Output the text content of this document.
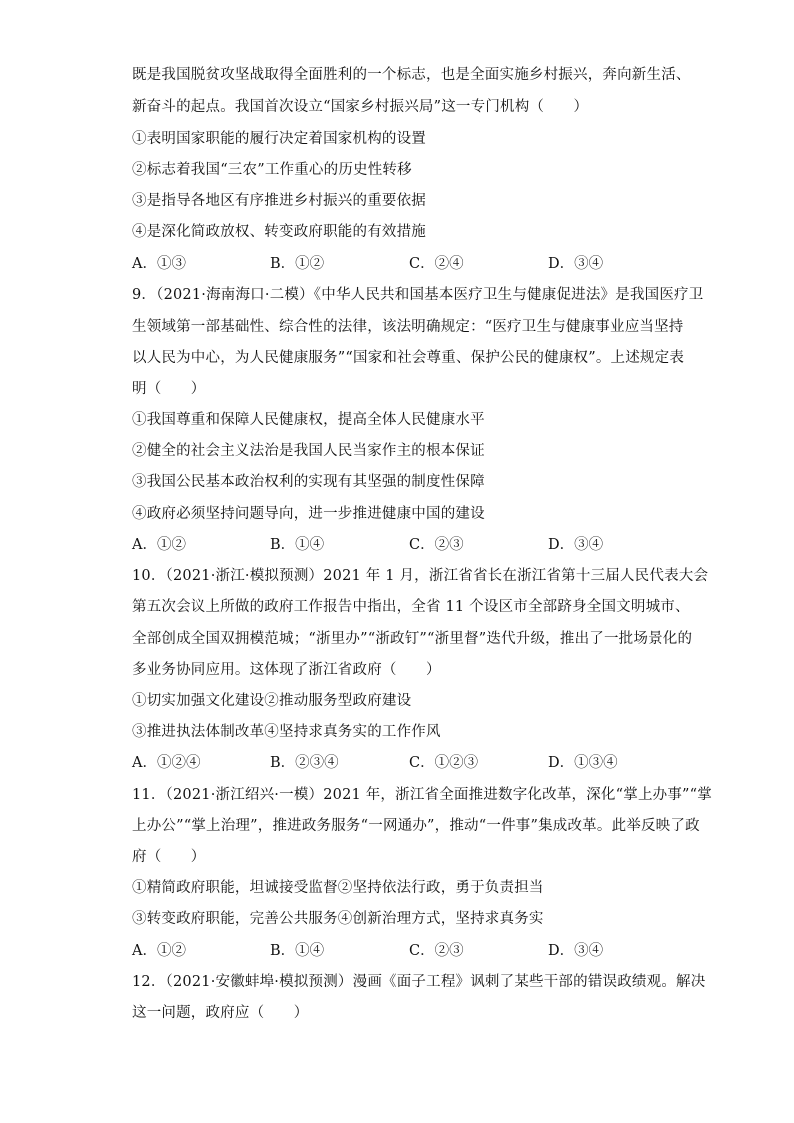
既是我国脱贫攻坚战取得全面胜利的一个标志，也是全面实施乡村振兴，奔向新生活、
新奋斗的起点。我国首次设立“国家乡村振兴局”这一专门机构（　　）
①表明国家职能的履行决定着国家机构的设置
②标志着我国“三农”工作重心的历史性转移
③是指导各地区有序推进乡村振兴的重要依据
④是深化简政放权、转变政府职能的有效措施
A．①③	B．①②	C．②④	D．③④
9．（2021·海南海口·二模）《中华人民共和国基本医疗卫生与健康促进法》是我国医疗卫
生领域第一部基础性、综合性的法律，该法明确规定：“医疗卫生与健康事业应当坚持
以人民为中心，为人民健康服务”“国家和社会尊重、保护公民的健康权”。上述规定表
明（　　）
①我国尊重和保障人民健康权，提高全体人民健康水平
②健全的社会主义法治是我国人民当家作主的根本保证
③我国公民基本政治权利的实现有其坚强的制度性保障
④政府必须坚持问题导向，进一步推进健康中国的建设
A．①②	B．①④	C．②③	D．③④
10．（2021·浙江·模拟预测）2021 年 1 月，浙江省省长在浙江省第十三届人民代表大会
第五次会议上所做的政府工作报告中指出，全省 11 个设区市全部跻身全国文明城市、
全部创成全国双拥模范城；“浙里办”“浙政钉”“浙里督”迭代升级，推出了一批场景化的
多业务协同应用。这体现了浙江省政府（　　）
①切实加强文化建设②推动服务型政府建设
③推进执法体制改革④坚持求真务实的工作作风
A．①②④	B．②③④	C．①②③	D．①③④
11．（2021·浙江绍兴·一模）2021 年，浙江省全面推进数字化改革，深化“掌上办事”“掌
上办公”“掌上治理”，推进政务服务“一网通办”，推动“一件事”集成改革。此举反映了政
府（　　）
①精简政府职能，坦诚接受监督②坚持依法行政，勇于负责担当
③转变政府职能，完善公共服务④创新治理方式，坚持求真务实
A．①②	B．①④	C．②③	D．③④
12．（2021·安徽蚌埠·模拟预测）漫画《面子工程》讽刺了某些干部的错误政绩观。解决
这一问题，政府应（　　）
